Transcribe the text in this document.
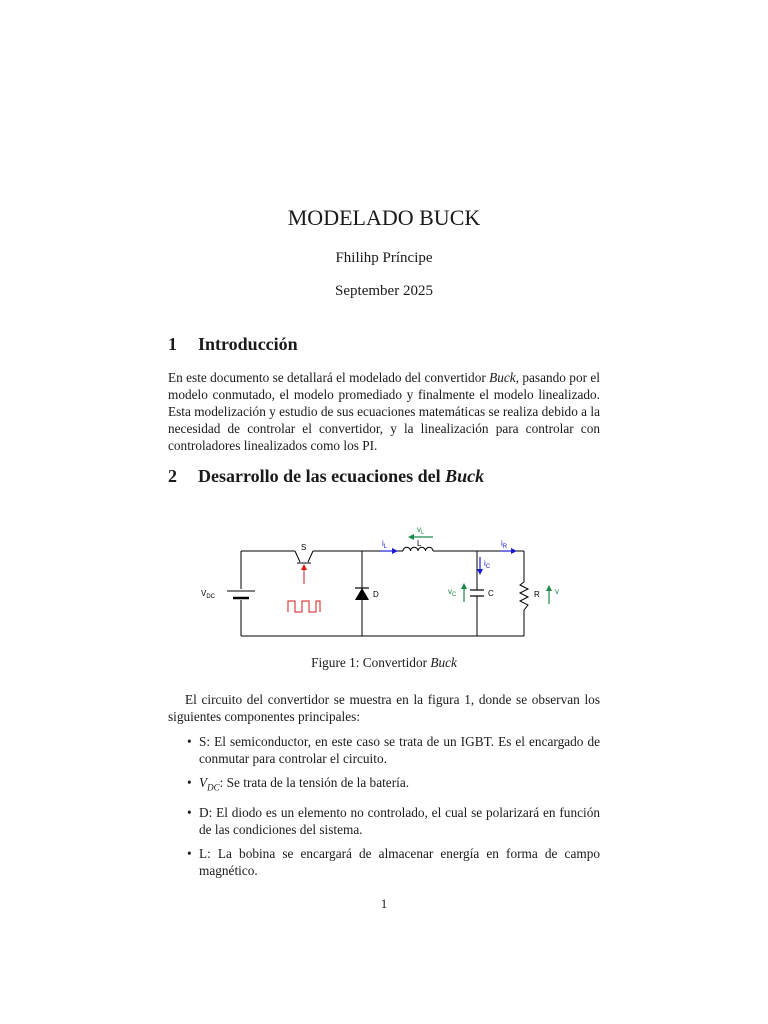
MODELADO BUCK
Fhilihp Príncipe
September 2025
1 Introducción
En este documento se detallará el modelado del convertidor Buck, pasando por el modelo conmutado, el modelo promediado y finalmente el modelo linealizado. Esta modelización y estudio de sus ecuaciones matemáticas se realiza debido a la necesidad de controlar el convertidor, y la linealización para controlar con controladores linealizados como los PI.
2 Desarrollo de las ecuaciones del Buck
S
$V_{DC}$	D
L
$v_L$
$i_L$	$i_R$
$i_C$
$v_C$	C	R v
Figure 1: Convertidor Buck
El circuito del convertidor se muestra en la figura 1, donde se observan los siguientes componentes principales:
• S: El semiconductor, en este caso se trata de un IGBT. Es el encargado de conmutar para controlar el circuito.
• $V_{DC}$: Se trata de la tensión de la batería.
• D: El diodo es un elemento no controlado, el cual se polarizará en función de las condiciones del sistema.
• L: La bobina se encargará de almacenar energía en forma de campo magnético.
1
